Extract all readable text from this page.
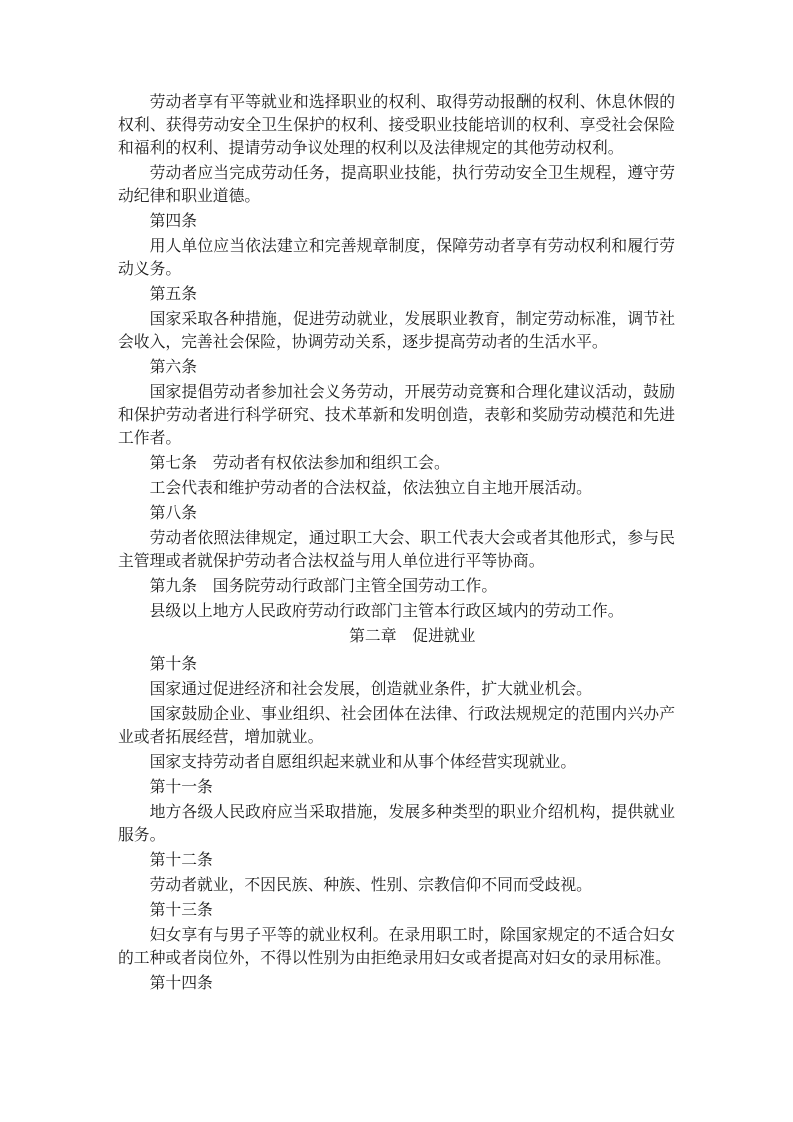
劳动者享有平等就业和选择职业的权利、取得劳动报酬的权利、休息休假的权利、获得劳动安全卫生保护的权利、接受职业技能培训的权利、享受社会保险和福利的权利、提请劳动争议处理的权利以及法律规定的其他劳动权利。

劳动者应当完成劳动任务，提高职业技能，执行劳动安全卫生规程，遵守劳动纪律和职业道德。

第四条

用人单位应当依法建立和完善规章制度，保障劳动者享有劳动权利和履行劳动义务。

第五条

国家采取各种措施，促进劳动就业，发展职业教育，制定劳动标准，调节社会收入，完善社会保险，协调劳动关系，逐步提高劳动者的生活水平。

第六条

国家提倡劳动者参加社会义务劳动，开展劳动竞赛和合理化建议活动，鼓励和保护劳动者进行科学研究、技术革新和发明创造，表彰和奖励劳动模范和先进工作者。

第七条　劳动者有权依法参加和组织工会。

工会代表和维护劳动者的合法权益，依法独立自主地开展活动。

第八条

劳动者依照法律规定，通过职工大会、职工代表大会或者其他形式，参与民主管理或者就保护劳动者合法权益与用人单位进行平等协商。

第九条　国务院劳动行政部门主管全国劳动工作。

县级以上地方人民政府劳动行政部门主管本行政区域内的劳动工作。

第二章　促进就业

第十条

国家通过促进经济和社会发展，创造就业条件，扩大就业机会。

国家鼓励企业、事业组织、社会团体在法律、行政法规规定的范围内兴办产业或者拓展经营，增加就业。

国家支持劳动者自愿组织起来就业和从事个体经营实现就业。

第十一条

地方各级人民政府应当采取措施，发展多种类型的职业介绍机构，提供就业服务。

第十二条

劳动者就业，不因民族、种族、性别、宗教信仰不同而受歧视。

第十三条

妇女享有与男子平等的就业权利。在录用职工时，除国家规定的不适合妇女的工种或者岗位外，不得以性别为由拒绝录用妇女或者提高对妇女的录用标准。

第十四条
